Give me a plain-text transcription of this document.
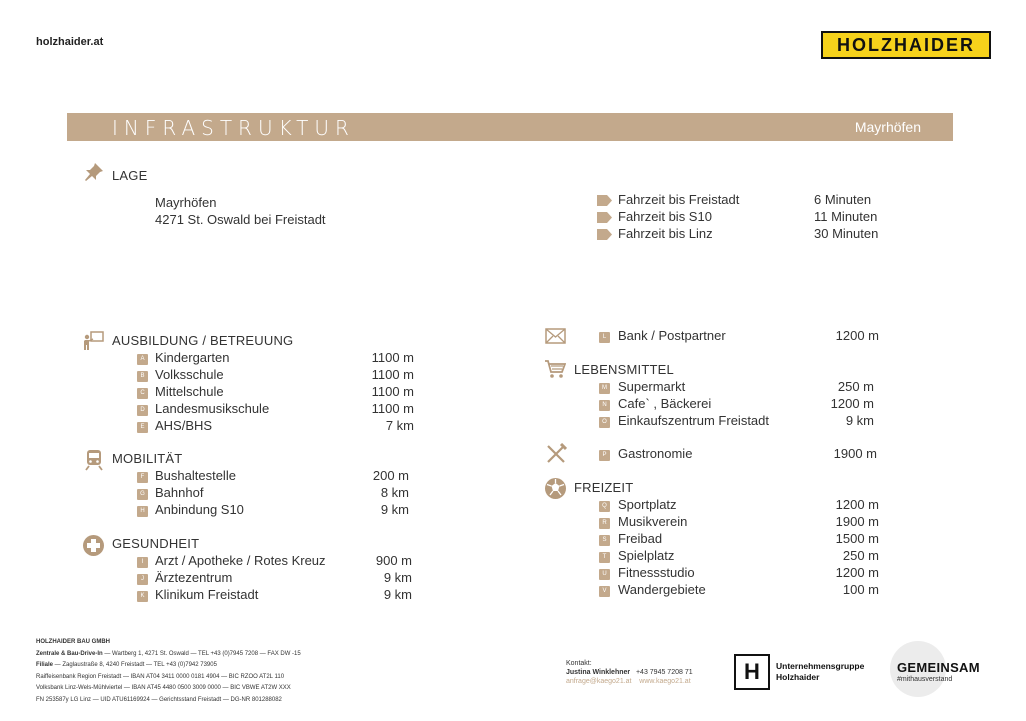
holzhaider.at	HOLZHAIDER
INFRASTRUKTUR	Mayrhöfen
LAGE
Mayrhöfen
4271 St. Oswald bei Freistadt
Fahrzeit bis Freistadt	6 Minuten
Fahrzeit bis S10	11 Minuten
Fahrzeit bis Linz	30 Minuten
AUSBILDUNG / BETREUUNG
A Kindergarten	1100 m
B Volksschule	1100 m
C Mittelschule	1100 m
D Landesmusikschule	1100 m
E AHS/BHS	7 km
MOBILITÄT
F Bushaltestelle	200 m
G Bahnhof	8 km
H Anbindung S10	9 km
GESUNDHEIT
I Arzt / Apotheke / Rotes Kreuz	900 m
J Ärztezentrum	9 km
K Klinikum Freistadt	9 km
L Bank / Postpartner	1200 m
LEBENSMITTEL
M Supermarkt	250 m
N Cafe` , Bäckerei	1200 m
O Einkaufszentrum Freistadt	9 km
P Gastronomie	1900 m
FREIZEIT
Q Sportplatz	1200 m
R Musikverein	1900 m
S Freibad	1500 m
T Spielplatz	250 m
U Fitnessstudio	1200 m
V Wandergebiete	100 m
HOLZHAIDER BAU GMBH
Zentrale & Bau-Drive-In — Wartberg 1, 4271 St. Oswald — TEL +43 (0)7945 7208 — FAX DW -15
Filiale — Zaglaustraße 8, 4240 Freistadt — TEL +43 (0)7942 73905
Raiffeisenbank Region Freistadt — IBAN AT04 3411 0000 0181 4904 — BIC RZOO AT2L 110
Volksbank Linz-Wels-Mühlviertel — IBAN AT45 4480 0500 3009 0000 — BIC VBWE AT2W XXX
FN 253587y LG Linz — UID ATU61169924 — Gerichtsstand Freistadt — DG-NR 801288082
Kontakt:
Justina Winklehner +43 7945 7208 71
anfrage@kaego21.at www.kaego21.at	H	Unternehmensgruppe
Holzhaider
GEMEINSAM
#mithausverstand
